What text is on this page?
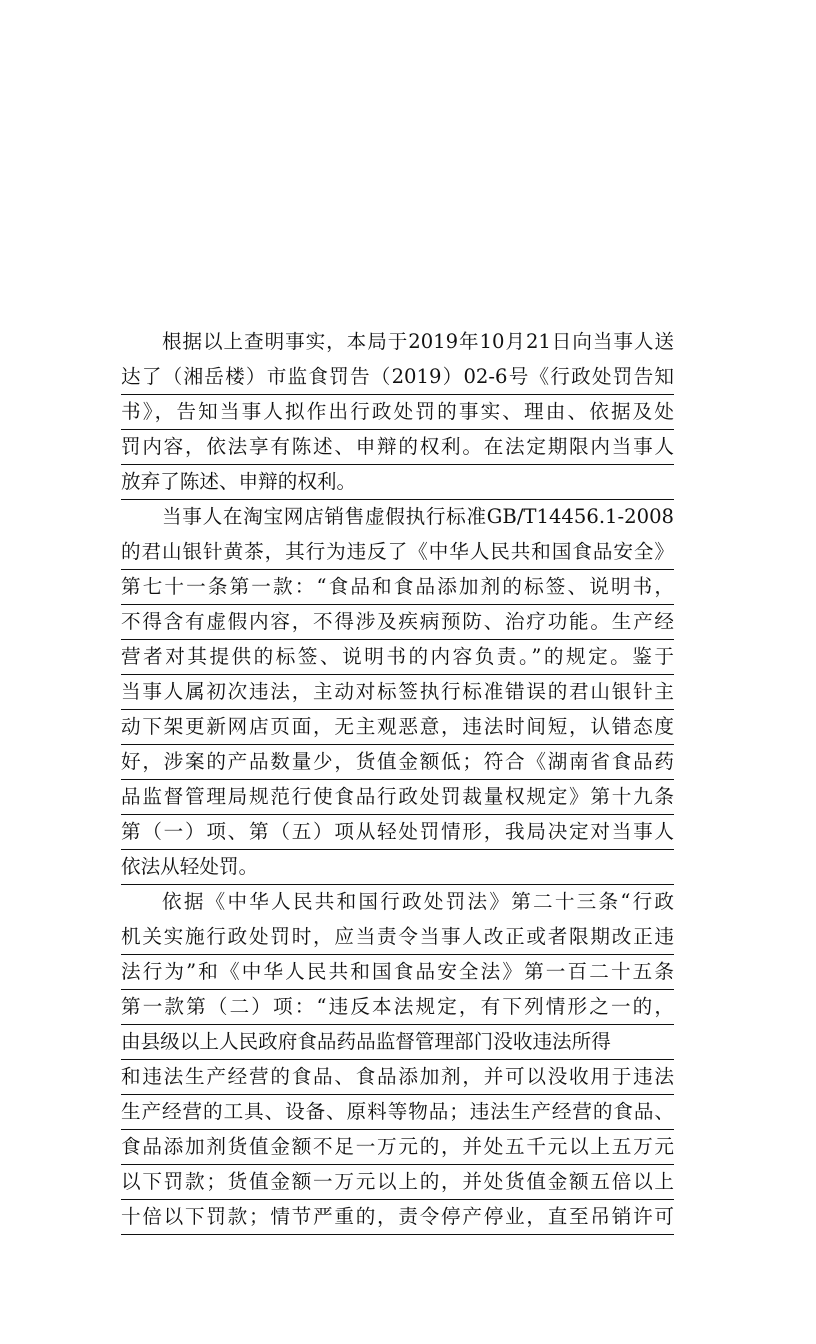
根据以上查明事实，本局于2019年10月21日向当事人送
达了（湘岳楼）市监食罚告（2019）02-6号《行政处罚告知
书》，告知当事人拟作出行政处罚的事实、理由、依据及处
罚内容，依法享有陈述、申辩的权利。在法定期限内当事人
放弃了陈述、申辩的权利。
当事人在淘宝网店销售虚假执行标准GB/T14456.1-2008
的君山银针黄茶，其行为违反了《中华人民共和国食品安全》
第七十一条第一款：“食品和食品添加剂的标签、说明书，
不得含有虚假内容，不得涉及疾病预防、治疗功能。生产经
营者对其提供的标签、说明书的内容负责。”的规定。鉴于
当事人属初次违法，主动对标签执行标准错误的君山银针主
动下架更新网店页面，无主观恶意，违法时间短，认错态度
好，涉案的产品数量少，货值金额低；符合《湖南省食品药
品监督管理局规范行使食品行政处罚裁量权规定》第十九条
第（一）项、第（五）项从轻处罚情形，我局决定对当事人
依法从轻处罚。
依据《中华人民共和国行政处罚法》第二十三条“行政
机关实施行政处罚时，应当责令当事人改正或者限期改正违
法行为”和《中华人民共和国食品安全法》第一百二十五条
第一款第（二）项：“违反本法规定，有下列情形之一的，
由县级以上人民政府食品药品监督管理部门没收违法所得
和违法生产经营的食品、食品添加剂，并可以没收用于违法
生产经营的工具、设备、原料等物品；违法生产经营的食品、
食品添加剂货值金额不足一万元的，并处五千元以上五万元
以下罚款；货值金额一万元以上的，并处货值金额五倍以上
十倍以下罚款；情节严重的，责令停产停业，直至吊销许可
